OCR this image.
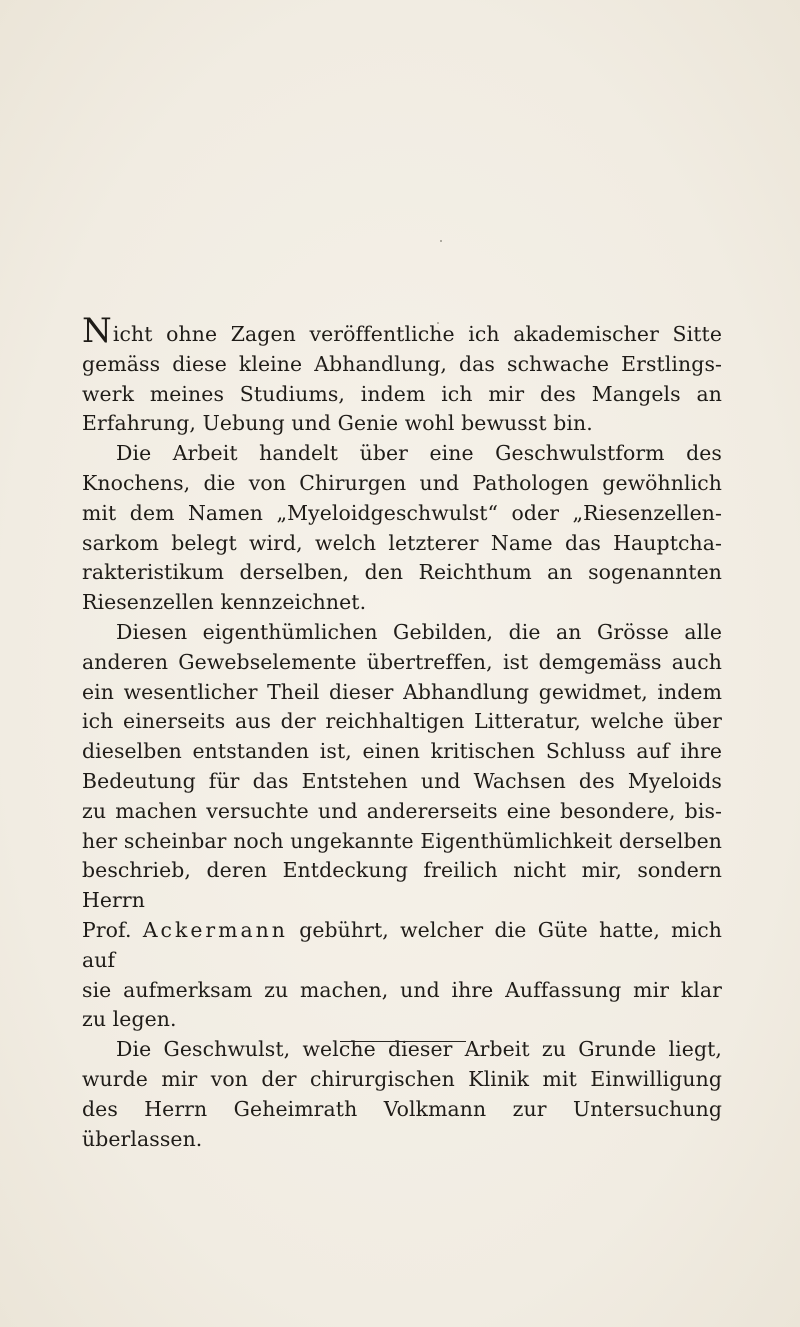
Nicht ohne Zagen veröffentliche ich akademischer Sitte

gemäss diese kleine Abhandlung, das schwache Erstlings-

werk meines Studiums, indem ich mir des Mangels an

Erfahrung, Uebung und Genie wohl bewusst bin.

Die Arbeit handelt über eine Geschwulstform des

Knochens, die von Chirurgen und Pathologen gewöhnlich

mit dem Namen „Myeloidgeschwulst“ oder „Riesenzellen-

sarkom belegt wird, welch letzterer Name das Hauptcha-

rakteristikum derselben, den Reichthum an sogenannten

Riesenzellen kennzeichnet.

Diesen eigenthümlichen Gebilden, die an Grösse alle

anderen Gewebselemente übertreffen, ist demgemäss auch

ein wesentlicher Theil dieser Abhandlung gewidmet, indem

ich einerseits aus der reichhaltigen Litteratur, welche über

dieselben entstanden ist, einen kritischen Schluss auf ihre

Bedeutung für das Entstehen und Wachsen des Myeloids

zu machen versuchte und andererseits eine besondere, bis-

her scheinbar noch ungekannte Eigenthümlichkeit derselben

beschrieb, deren Entdeckung freilich nicht mir, sondern Herrn

Prof. Ackermann gebührt, welcher die Güte hatte, mich auf

sie aufmerksam zu machen, und ihre Auffassung mir klar

zu legen.

Die Geschwulst, welche dieser Arbeit zu Grunde liegt,

wurde mir von der chirurgischen Klinik mit Einwilligung

des Herrn Geheimrath Volkmann zur Untersuchung überlassen.
